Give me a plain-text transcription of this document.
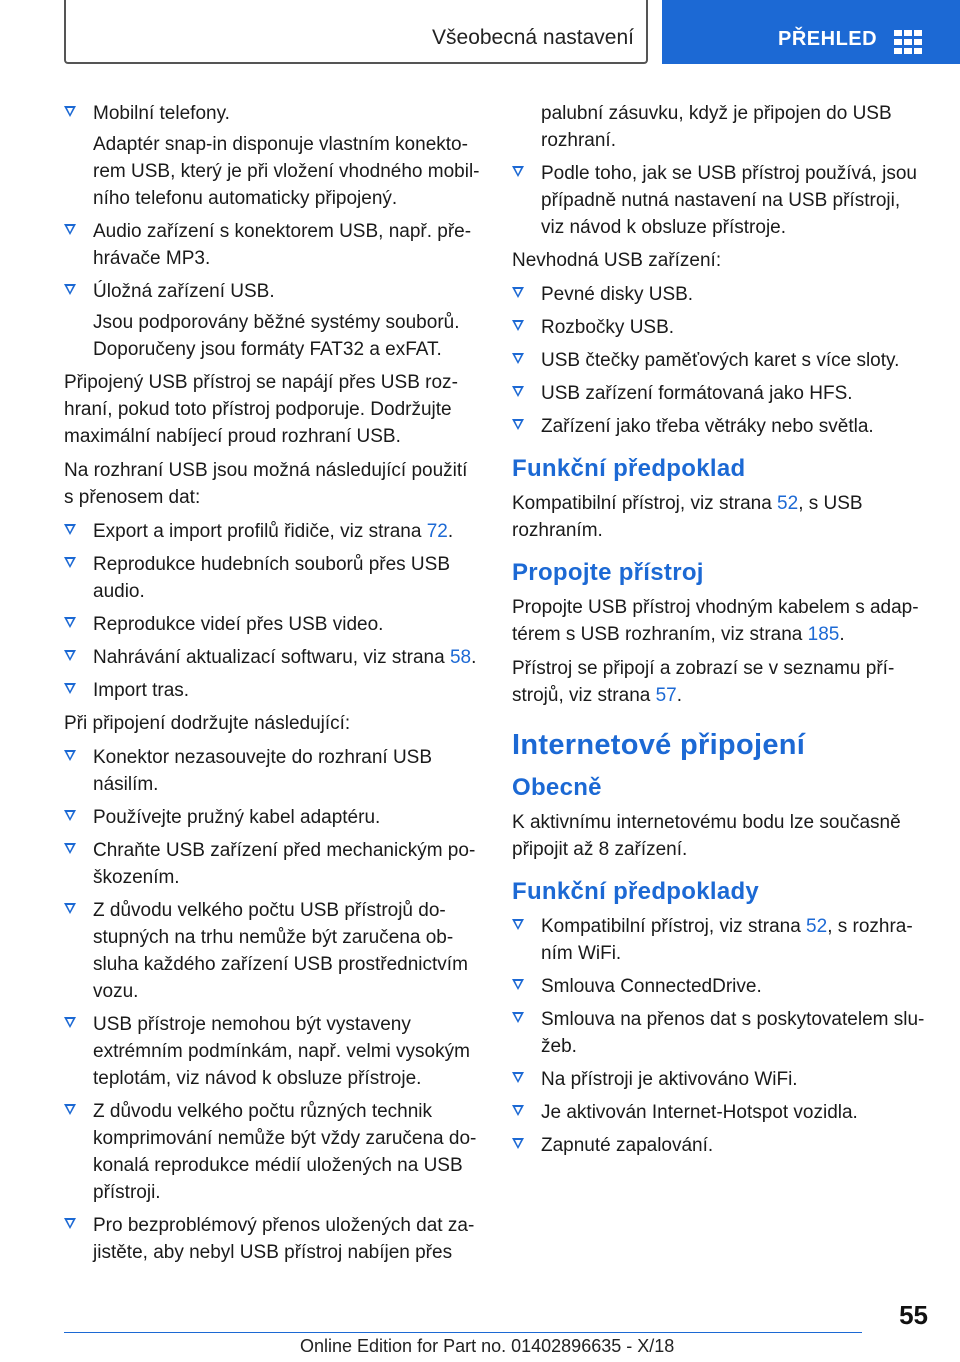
Všeobecná nastavení	PŘEHLED
Mobilní telefony.
Adaptér snap-in disponuje vlastním konektorem USB, který je při vložení vhodného mobilního telefonu automaticky připojený.
Audio zařízení s konektorem USB, např. přehrávače MP3.
Úložná zařízení USB.
Jsou podporovány běžné systémy souborů. Doporučeny jsou formáty FAT32 a exFAT.

Připojený USB přístroj se napájí přes USB rozhraní, pokud toto přístroj podporuje. Dodržujte maximální nabíjecí proud rozhraní USB.

Na rozhraní USB jsou možná následující použití s přenosem dat:

Export a import profilů řidiče, viz strana 72.
Reprodukce hudebních souborů přes USB audio.
Reprodukce videí přes USB video.
Nahrávání aktualizací softwaru, viz strana 58.
Import tras.

Při připojení dodržujte následující:

Konektor nezasouvejte do rozhraní USB násilím.
Používejte pružný kabel adaptéru.
Chraňte USB zařízení před mechanickým poškozením.
Z důvodu velkého počtu USB přístrojů dostupných na trhu nemůže být zaručena obsluha každého zařízení USB prostřednictvím vozu.
USB přístroje nemohou být vystaveny extrémním podmínkám, např. velmi vysokým teplotám, viz návod k obsluze přístroje.
Z důvodu velkého počtu různých technik komprimování nemůže být vždy zaručena dokonalá reprodukce médií uložených na USB přístroji.
Pro bezproblémový přenos uložených dat zajistěte, aby nebyl USB přístroj nabíjen přes
palubní zásuvku, když je připojen do USB rozhraní.
Podle toho, jak se USB přístroj používá, jsou případně nutná nastavení na USB přístroji, viz návod k obsluze přístroje.

Nevhodná USB zařízení:

Pevné disky USB.
Rozbočky USB.
USB čtečky paměťových karet s více sloty.
USB zařízení formátovaná jako HFS.
Zařízení jako třeba větráky nebo světla.
Funkční předpoklad

Kompatibilní přístroj, viz strana 52, s USB rozhraním.

Propojte přístroj

Propojte USB přístroj vhodným kabelem s adaptérem s USB rozhraním, viz strana 185.

Přístroj se připojí a zobrazí se v seznamu přístrojů, viz strana 57.

Internetové připojení
Obecně

K aktivnímu internetovému bodu lze současně připojit až 8 zařízení.

Funkční předpoklady
Kompatibilní přístroj, viz strana 52, s rozhraním WiFi.
Smlouva ConnectedDrive.
Smlouva na přenos dat s poskytovatelem služeb.
Na přístroji je aktivováno WiFi.
Je aktivován Internet-Hotspot vozidla.
Zapnuté zapalování.
55
Online Edition for Part no. 01402896635 - X/18
